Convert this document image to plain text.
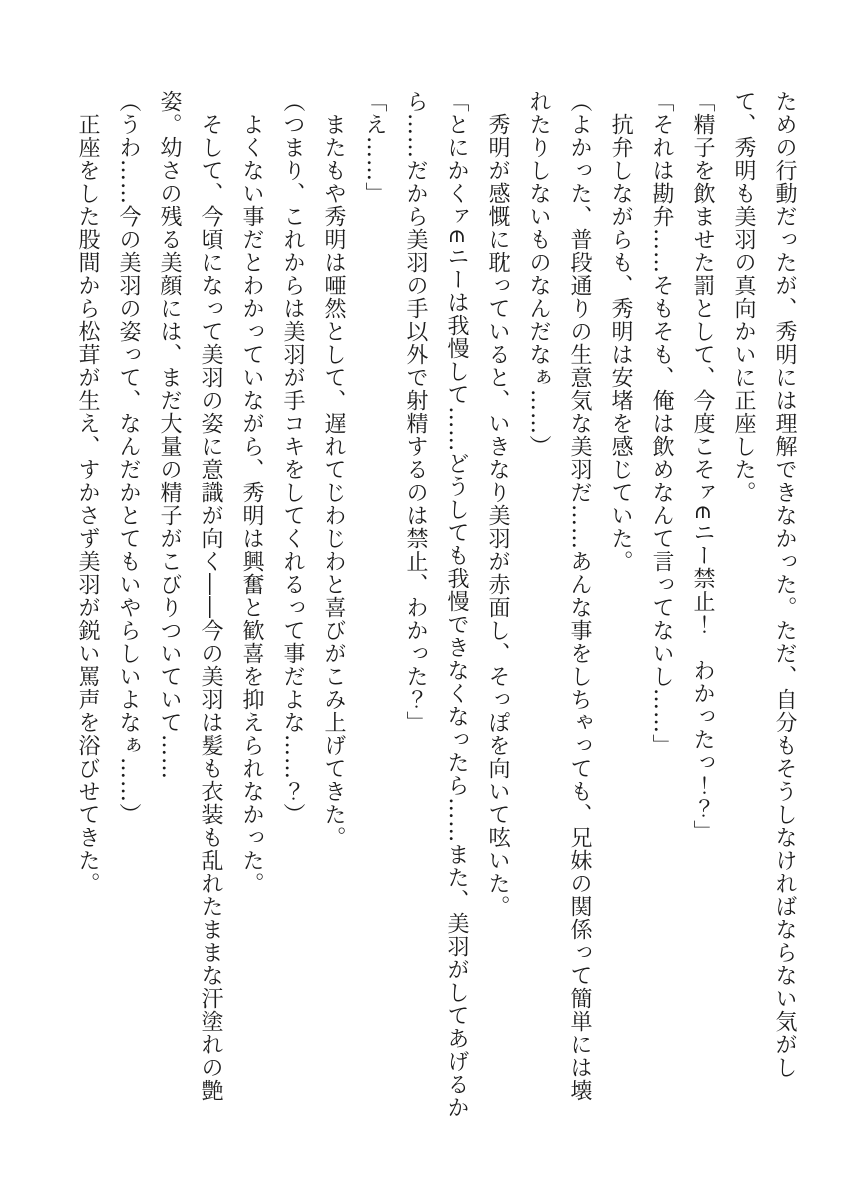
ための行動だったが、秀明には理解できなかった。ただ、自分もそうしなければならない気がして、秀明も美羽の真向かいに正座した。

「精子を飲ませた罰として、今度こそァ∈ニー禁止！　わかったっ！？」

「それは勘弁……そもそも、俺は飲めなんて言ってないし……」

　抗弁しながらも、秀明は安堵を感じていた。

（よかった、普段通りの生意気な美羽だ……あんな事をしちゃっても、兄妹の関係って簡単には壊れたりしないものなんだなぁ……）

　秀明が感慨に耽っていると、いきなり美羽が赤面し、そっぽを向いて呟いた。

「とにかくァ∈ニーは我慢して……どうしても我慢できなくなったら……また、美羽がしてあげるから……だから美羽の手以外で射精するのは禁止、わかった？」

「え……」

　またもや秀明は唖然として、遅れてじわじわと喜びがこみ上げてきた。

（つまり、これからは美羽が手コキをしてくれるって事だよな……？）

　よくない事だとわかっていながら、秀明は興奮と歓喜を抑えられなかった。

　そして、今頃になって美羽の姿に意識が向く――今の美羽は髪も衣装も乱れたままな汗塗れの艶姿。幼さの残る美顔には、まだ大量の精子がこびりついていて……

（うわ……今の美羽の姿って、なんだかとてもいやらしいよなぁ……）

　正座をした股間から松茸が生え、すかさず美羽が鋭い罵声を浴びせてきた。
